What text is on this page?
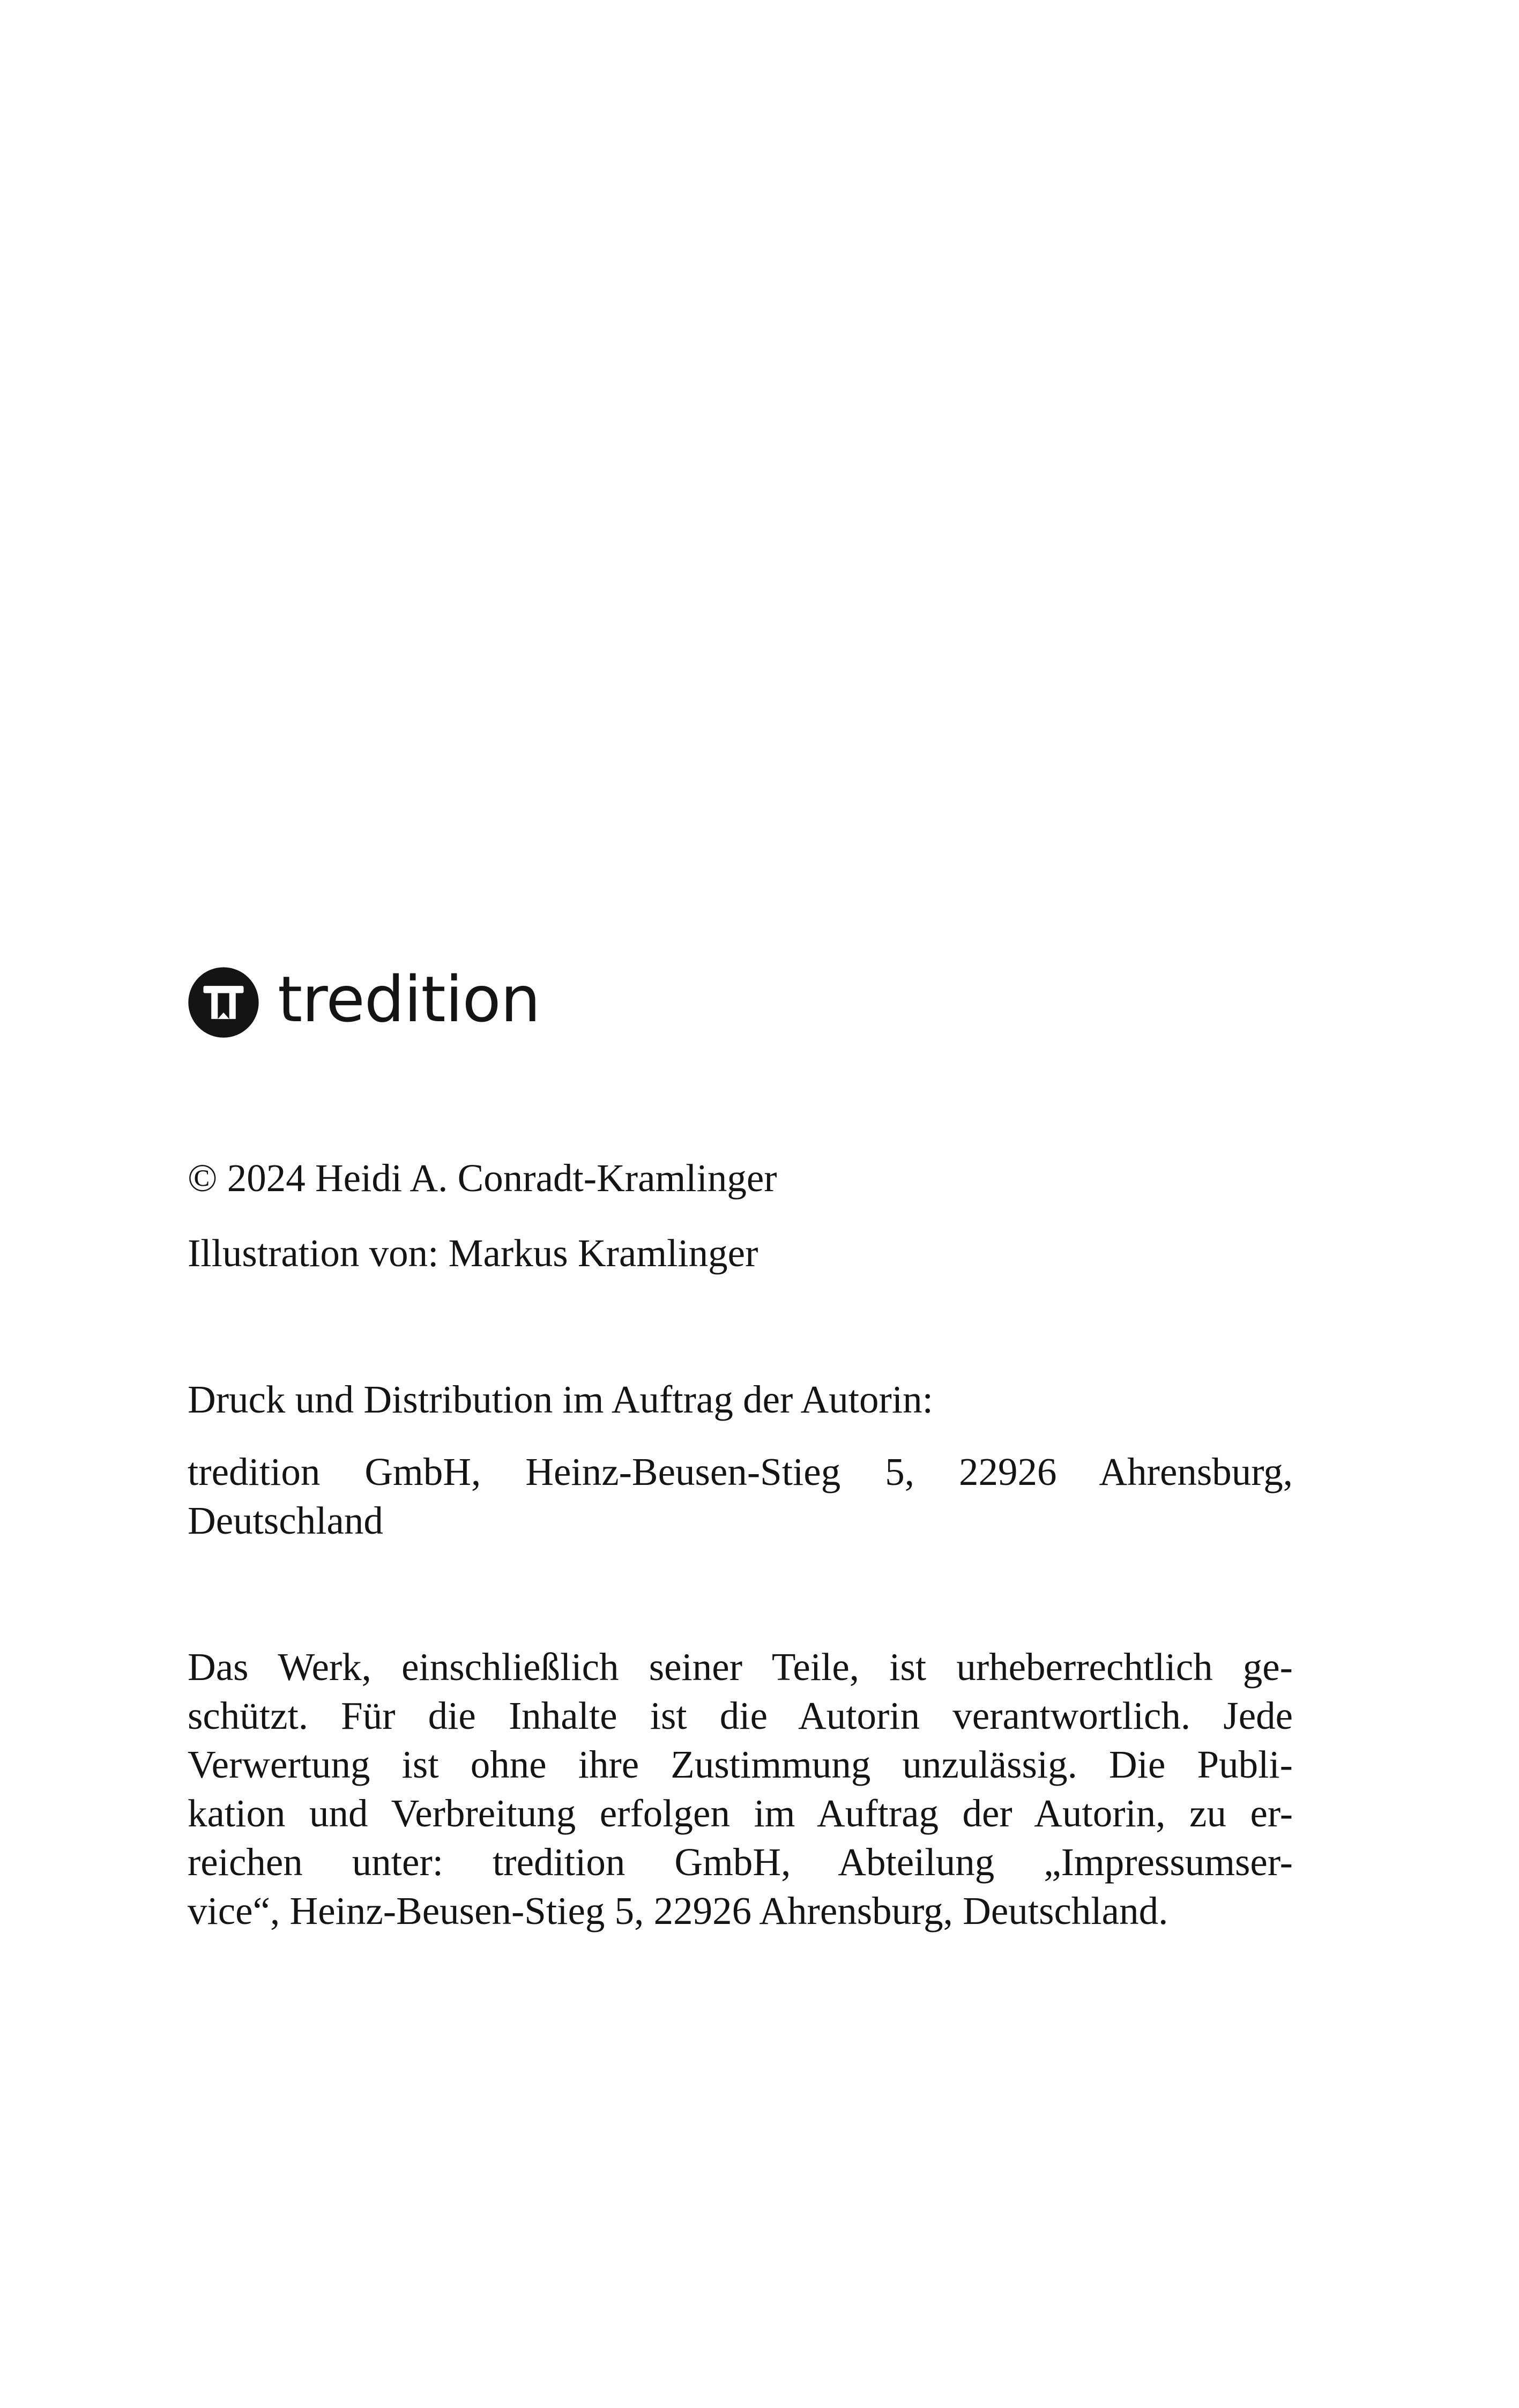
tredition

© 2024 Heidi A. Conradt-Kramlinger

Illustration von: Markus Kramlinger

Druck und Distribution im Auftrag der Autorin:

tredition GmbH, Heinz-Beusen-Stieg 5, 22926 Ahrensburg,
Deutschland

Das Werk, einschließlich seiner Teile, ist urheberrechtlich ge-
schützt. Für die Inhalte ist die Autorin verantwortlich. Jede
Verwertung ist ohne ihre Zustimmung unzulässig. Die Publi-
kation und Verbreitung erfolgen im Auftrag der Autorin, zu er-
reichen unter: tredition GmbH, Abteilung „Impressumser-
vice“, Heinz-Beusen-Stieg 5, 22926 Ahrensburg, Deutschland.
